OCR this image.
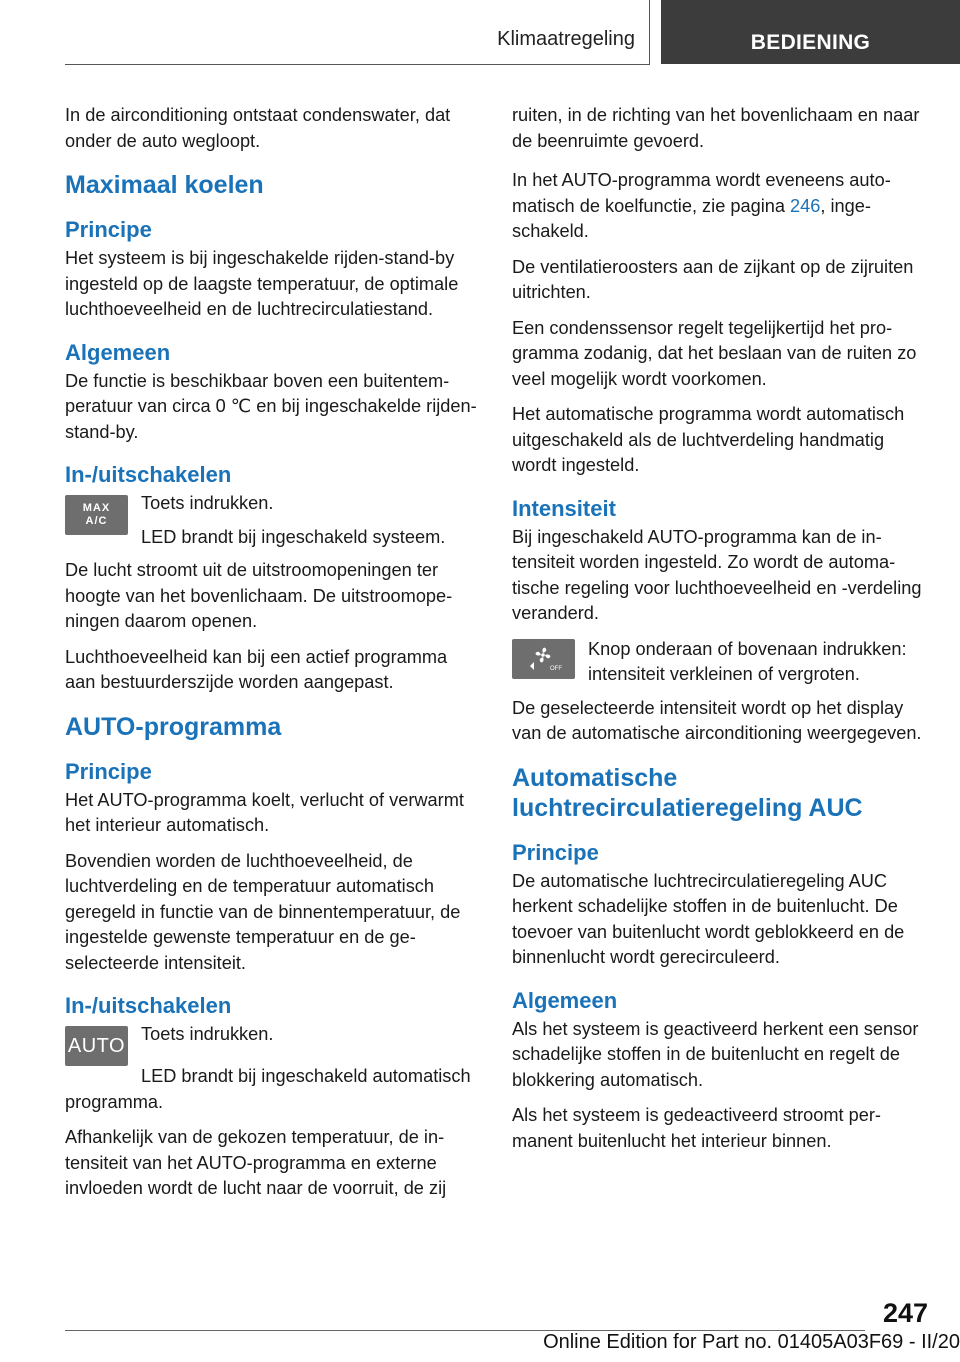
Klimaatregeling	BEDIENING

In de airconditioning ontstaat condenswater, dat onder de auto wegloopt.

Maximaal koelen
Principe

Het systeem is bij ingeschakelde rijden-stand-by ingesteld op de laagste temperatuur, de optimale luchthoeveelheid en de luchtrecirculatiestand.

Algemeen

De functie is beschikbaar boven een buitentemperatuur van circa 0 ℃ en bij ingeschakelde rijden-stand-by.

In-/uitschakelen
MAX
A/C

Toets indrukken.

LED brandt bij ingeschakeld systeem.

De lucht stroomt uit de uitstroomopeningen ter hoogte van het bovenlichaam. De uitstroomopeningen daarom openen.

Luchthoeveelheid kan bij een actief programma aan bestuurderszijde worden aangepast.

AUTO-programma
Principe

Het AUTO-programma koelt, verlucht of verwarmt het interieur automatisch.

Bovendien worden de luchthoeveelheid, de luchtverdeling en de temperatuur automatisch geregeld in functie van de binnentemperatuur, de ingestelde gewenste temperatuur en de geselecteerde intensiteit.

In-/uitschakelen
AUTO

Toets indrukken.

LED brandt bij ingeschakeld automatisch programma.

Afhankelijk van de gekozen temperatuur, de intensiteit van het AUTO-programma en externe invloeden wordt de lucht naar de voorruit, de zij

ruiten, in de richting van het bovenlichaam en naar de beenruimte gevoerd.

In het AUTO-programma wordt eveneens automatisch de koelfunctie, zie pagina 246, ingeschakeld.

De ventilatieroosters aan de zijkant op de zijruiten uitrichten.

Een condenssensor regelt tegelijkertijd het programma zodanig, dat het beslaan van de ruiten zo veel mogelijk wordt voorkomen.

Het automatische programma wordt automatisch uitgeschakeld als de luchtverdeling handmatig wordt ingesteld.

Intensiteit

Bij ingeschakeld AUTO-programma kan de intensiteit worden ingesteld. Zo wordt de automatische regeling voor luchthoeveelheid en -verdeling veranderd.

OFF

Knop onderaan of bovenaan indrukken: intensiteit verkleinen of vergroten.

De geselecteerde intensiteit wordt op het display van de automatische airconditioning weergegeven.

Automatische luchtrecirculatieregeling AUC
Principe

De automatische luchtrecirculatieregeling AUC herkent schadelijke stoffen in de buitenlucht. De toevoer van buitenlucht wordt geblokkeerd en de binnenlucht wordt gerecirculeerd.

Algemeen

Als het systeem is geactiveerd herkent een sensor schadelijke stoffen in de buitenlucht en regelt de blokkering automatisch.

Als het systeem is gedeactiveerd stroomt permanent buitenlucht het interieur binnen.

247
Online Edition for Part no. 01405A03F69 - II/20
